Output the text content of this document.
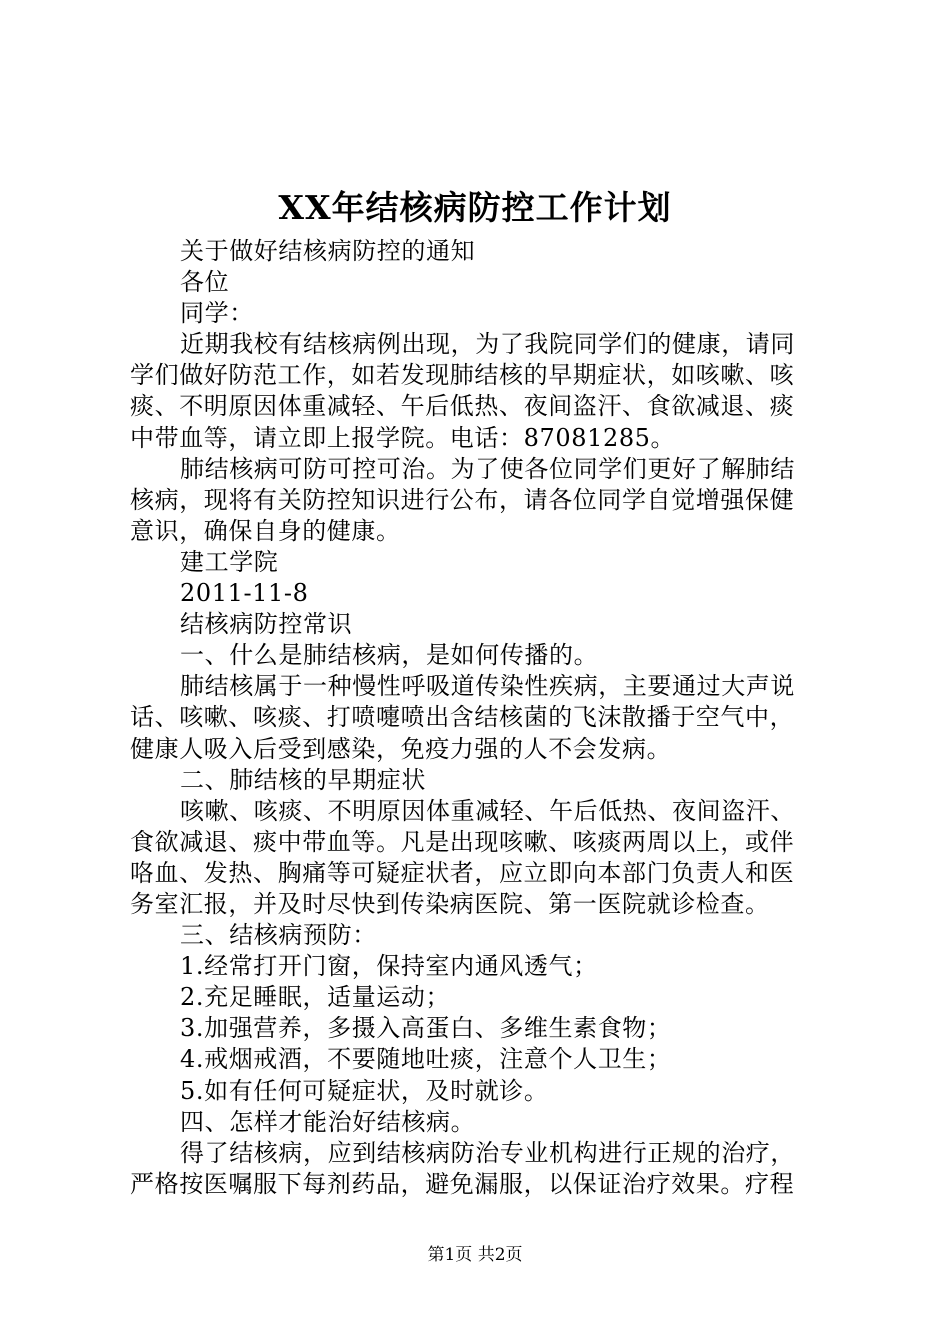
XX年结核病防控工作计划
关于做好结核病防控的通知
各位
同学：
近期我校有结核病例出现，为了我院同学们的健康，请同
学们做好防范工作，如若发现肺结核的早期症状，如咳嗽、咳
痰、不明原因体重减轻、午后低热、夜间盗汗、食欲减退、痰
中带血等，请立即上报学院。电话：87081285。
肺结核病可防可控可治。为了使各位同学们更好了解肺结
核病，现将有关防控知识进行公布，请各位同学自觉增强保健
意识，确保自身的健康。
建工学院
2011-11-8
结核病防控常识
一、什么是肺结核病，是如何传播的。
肺结核属于一种慢性呼吸道传染性疾病，主要通过大声说
话、咳嗽、咳痰、打喷嚏喷出含结核菌的飞沫散播于空气中，
健康人吸入后受到感染，免疫力强的人不会发病。
二、肺结核的早期症状
咳嗽、咳痰、不明原因体重减轻、午后低热、夜间盗汗、
食欲减退、痰中带血等。凡是出现咳嗽、咳痰两周以上，或伴
咯血、发热、胸痛等可疑症状者，应立即向本部门负责人和医
务室汇报，并及时尽快到传染病医院、第一医院就诊检查。
三、结核病预防：
1.经常打开门窗，保持室内通风透气；
2.充足睡眠，适量运动；
3.加强营养，多摄入高蛋白、多维生素食物；
4.戒烟戒酒，不要随地吐痰，注意个人卫生；
5.如有任何可疑症状，及时就诊。
四、怎样才能治好结核病。
得了结核病，应到结核病防治专业机构进行正规的治疗，
严格按医嘱服下每剂药品，避免漏服，以保证治疗效果。疗程
第1页 共2页
